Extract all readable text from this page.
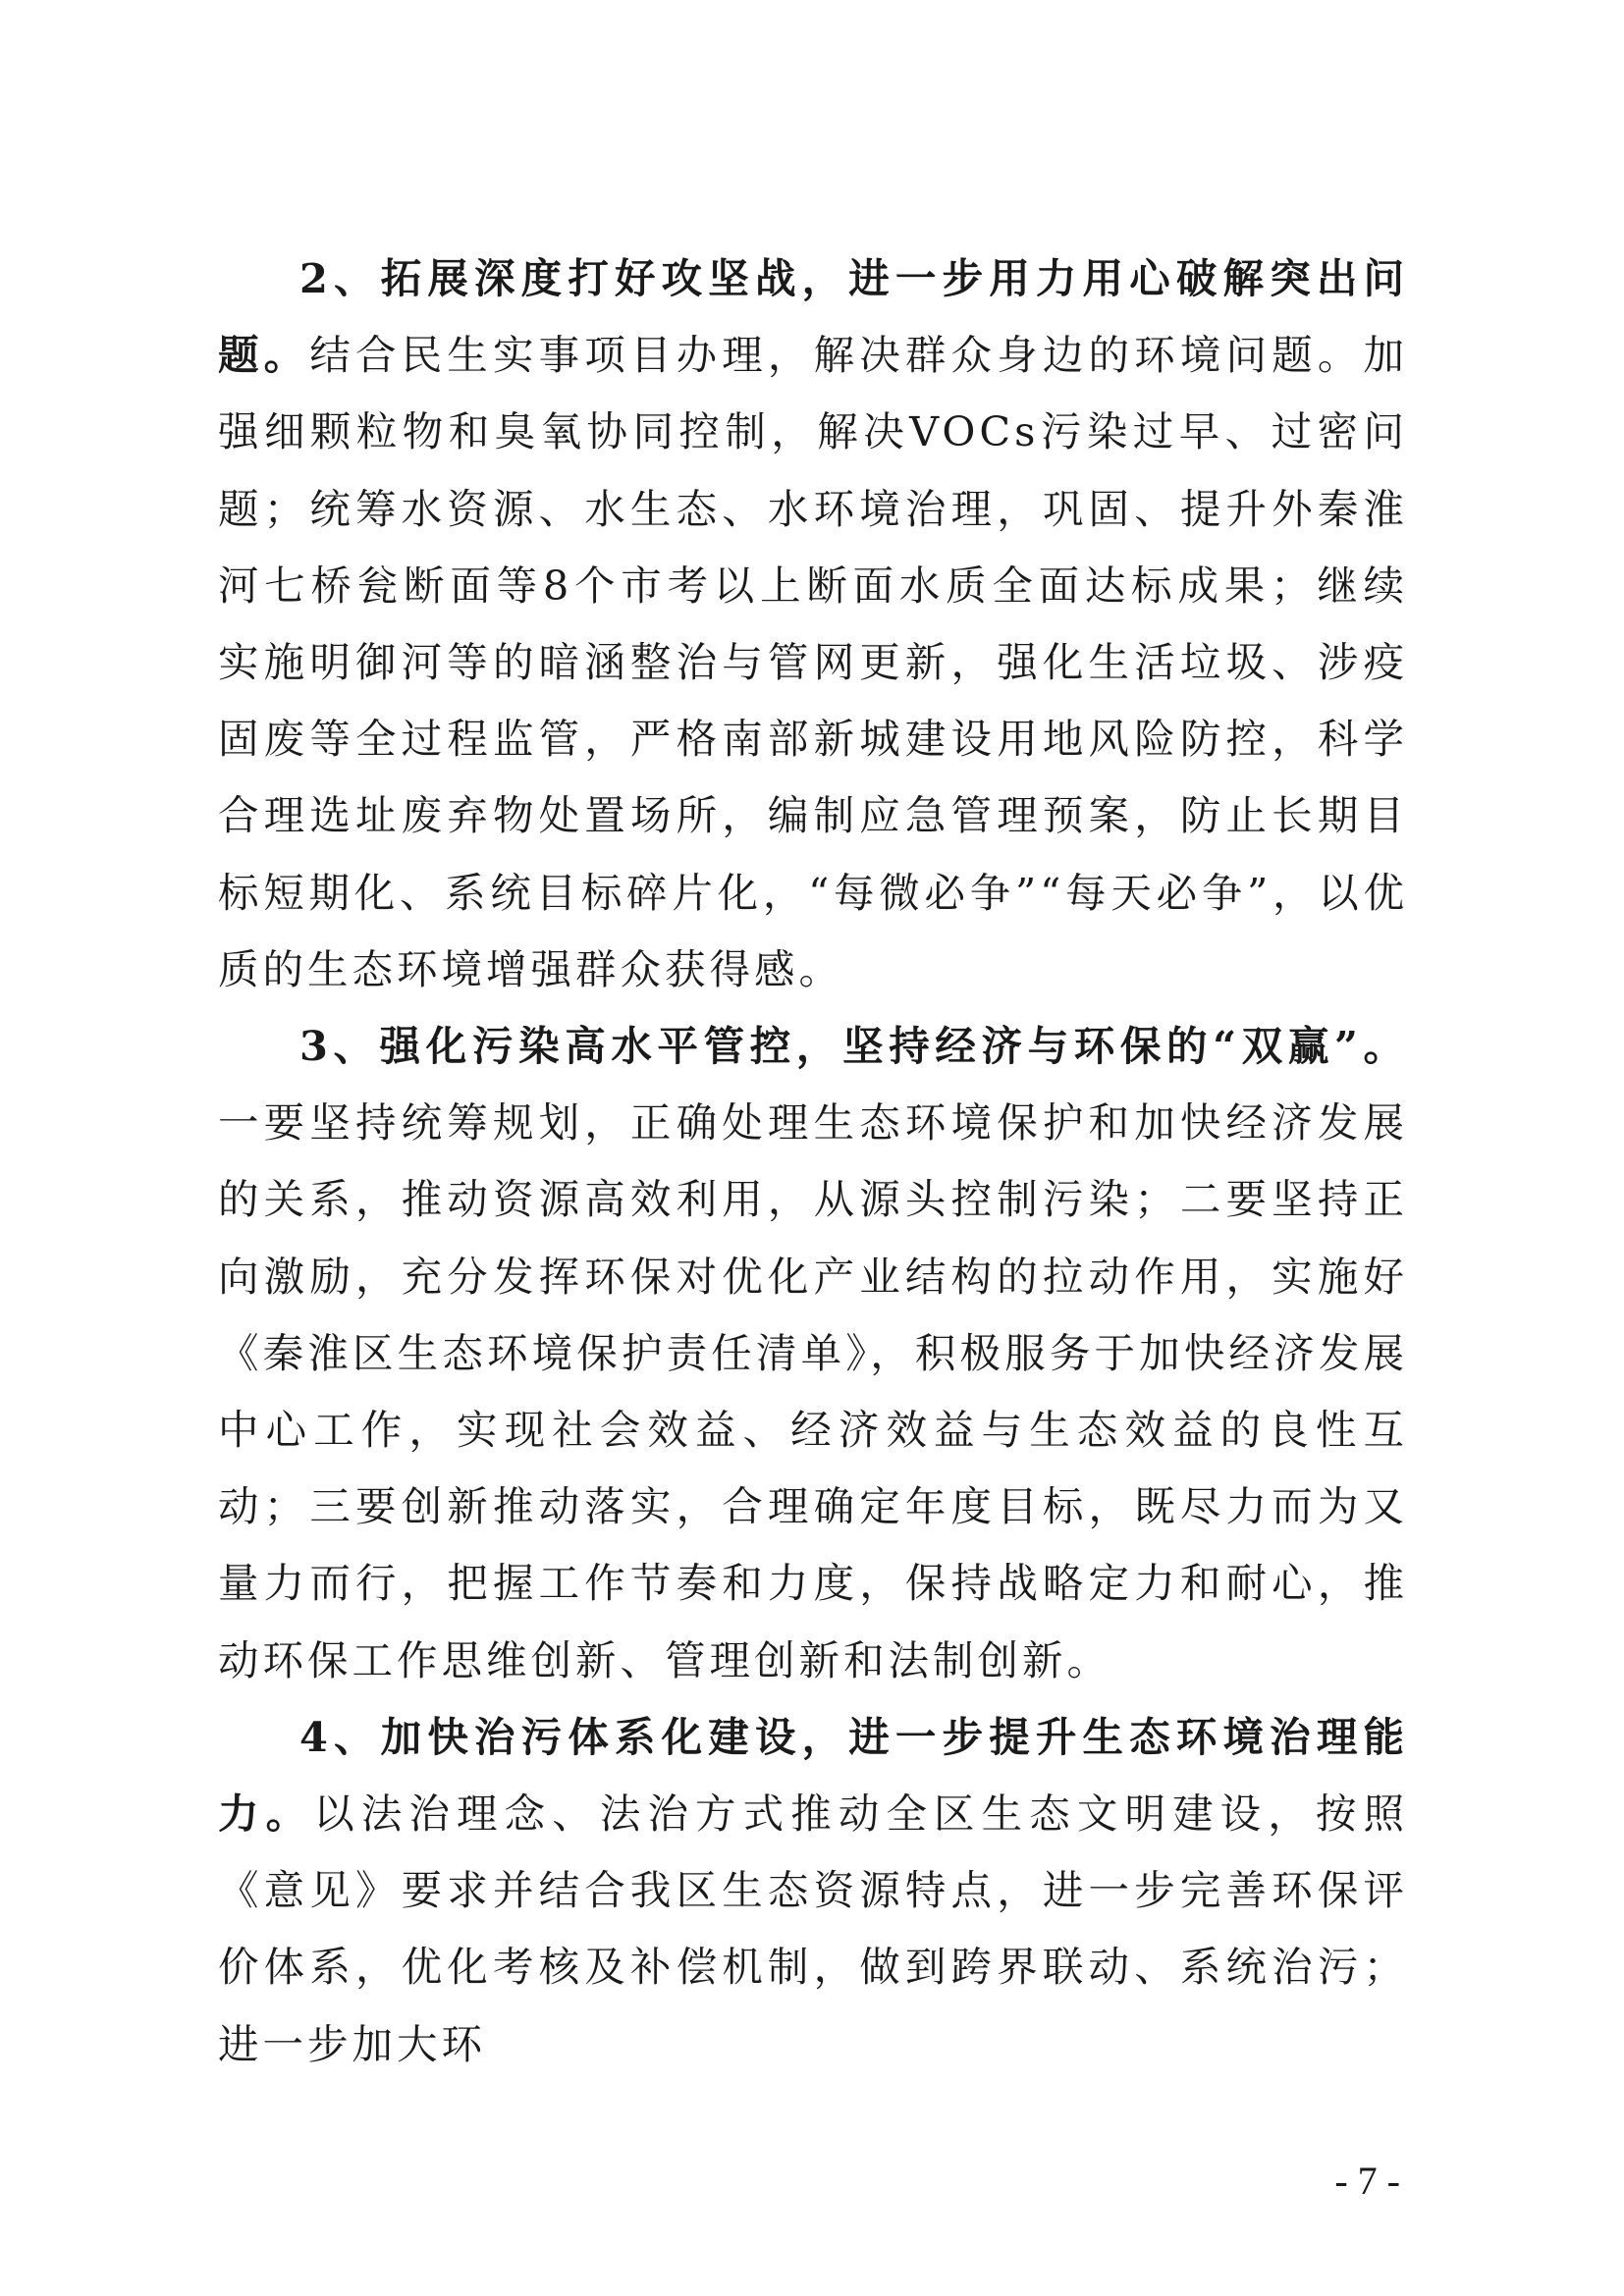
2、拓展深度打好攻坚战，进一步用力用心破解突出问题。结合民生实事项目办理，解决群众身边的环境问题。加强细颗粒物和臭氧协同控制，解决VOCs污染过早、过密问题；统筹水资源、水生态、水环境治理，巩固、提升外秦淮河七桥瓮断面等8个市考以上断面水质全面达标成果；继续实施明御河等的暗涵整治与管网更新，强化生活垃圾、涉疫固废等全过程监管，严格南部新城建设用地风险防控，科学合理选址废弃物处置场所，编制应急管理预案，防止长期目标短期化、系统目标碎片化，“每微必争”“每天必争”，以优质的生态环境增强群众获得感。

3、强化污染高水平管控，坚持经济与环保的“双赢”。一要坚持统筹规划，正确处理生态环境保护和加快经济发展的关系，推动资源高效利用，从源头控制污染；二要坚持正向激励，充分发挥环保对优化产业结构的拉动作用，实施好《秦淮区生态环境保护责任清单》，积极服务于加快经济发展中心工作，实现社会效益、经济效益与生态效益的良性互动；三要创新推动落实，合理确定年度目标，既尽力而为又量力而行，把握工作节奏和力度，保持战略定力和耐心，推动环保工作思维创新、管理创新和法制创新。

4、加快治污体系化建设，进一步提升生态环境治理能力。以法治理念、法治方式推动全区生态文明建设，按照《意见》要求并结合我区生态资源特点，进一步完善环保评价体系，优化考核及补偿机制，做到跨界联动、系统治污；进一步加大环

- 7 -
